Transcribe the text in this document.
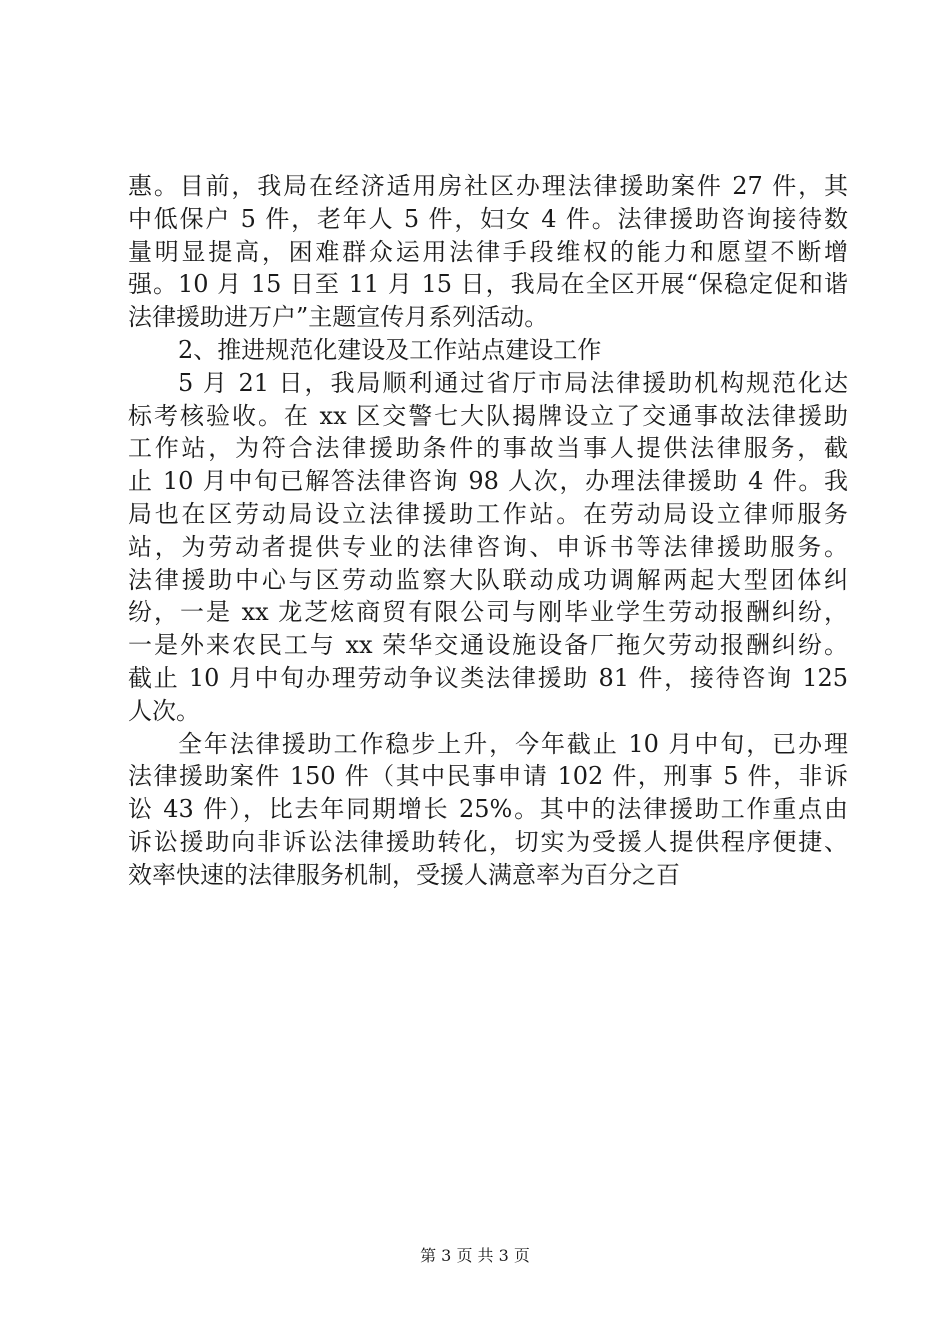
惠。目前，我局在经济适用房社区办理法律援助案件 27 件，其
中低保户 5 件，老年人 5 件，妇女 4 件。法律援助咨询接待数
量明显提高，困难群众运用法律手段维权的能力和愿望不断增
强。10 月 15 日至 11 月 15 日，我局在全区开展“保稳定促和谐
法律援助进万户”主题宣传月系列活动。
2、推进规范化建设及工作站点建设工作
5 月 21 日，我局顺利通过省厅市局法律援助机构规范化达
标考核验收。在 xx 区交警七大队揭牌设立了交通事故法律援助
工作站，为符合法律援助条件的事故当事人提供法律服务，截
止 10 月中旬已解答法律咨询 98 人次，办理法律援助 4 件。我
局也在区劳动局设立法律援助工作站。在劳动局设立律师服务
站，为劳动者提供专业的法律咨询、申诉书等法律援助服务。
法律援助中心与区劳动监察大队联动成功调解两起大型团体纠
纷，一是 xx 龙芝炫商贸有限公司与刚毕业学生劳动报酬纠纷，
一是外来农民工与 xx 荣华交通设施设备厂拖欠劳动报酬纠纷。
截止 10 月中旬办理劳动争议类法律援助 81 件，接待咨询 125
人次。
全年法律援助工作稳步上升，今年截止 10 月中旬，已办理
法律援助案件 150 件（其中民事申请 102 件，刑事 5 件，非诉
讼 43 件），比去年同期增长 25%。其中的法律援助工作重点由
诉讼援助向非诉讼法律援助转化，切实为受援人提供程序便捷、
效率快速的法律服务机制，受援人满意率为百分之百
第 3 页 共 3 页
